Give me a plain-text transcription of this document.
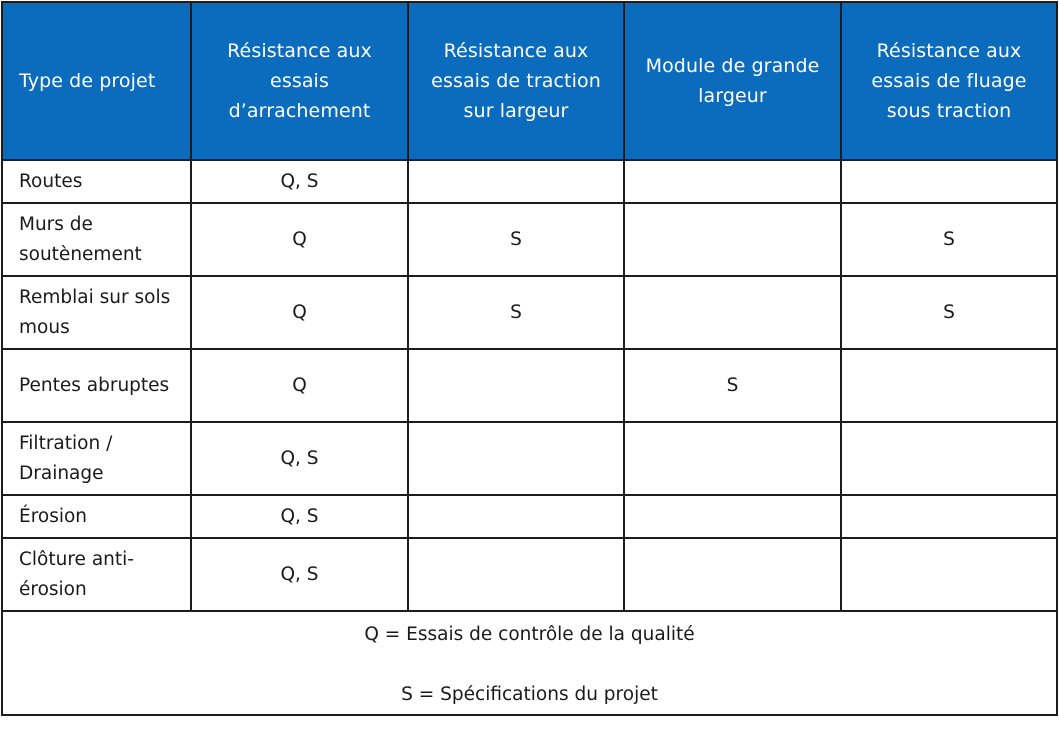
Type de projet	Résistance aux essais d’arrachement	Résistance aux essais de traction sur largeur	Module de grande largeur	Résistance aux essais de fluage sous traction

Routes	Q, S			
Murs de soutènement	Q	S		S
Remblai sur sols mous	Q	S		S
Pentes abruptes	Q		S	
Filtration / Drainage	Q, S			
Érosion	Q, S			
Clôture anti-érosion	Q, S			

Q = Essais de contrôle de la qualité
S = Spécifications du projet				
